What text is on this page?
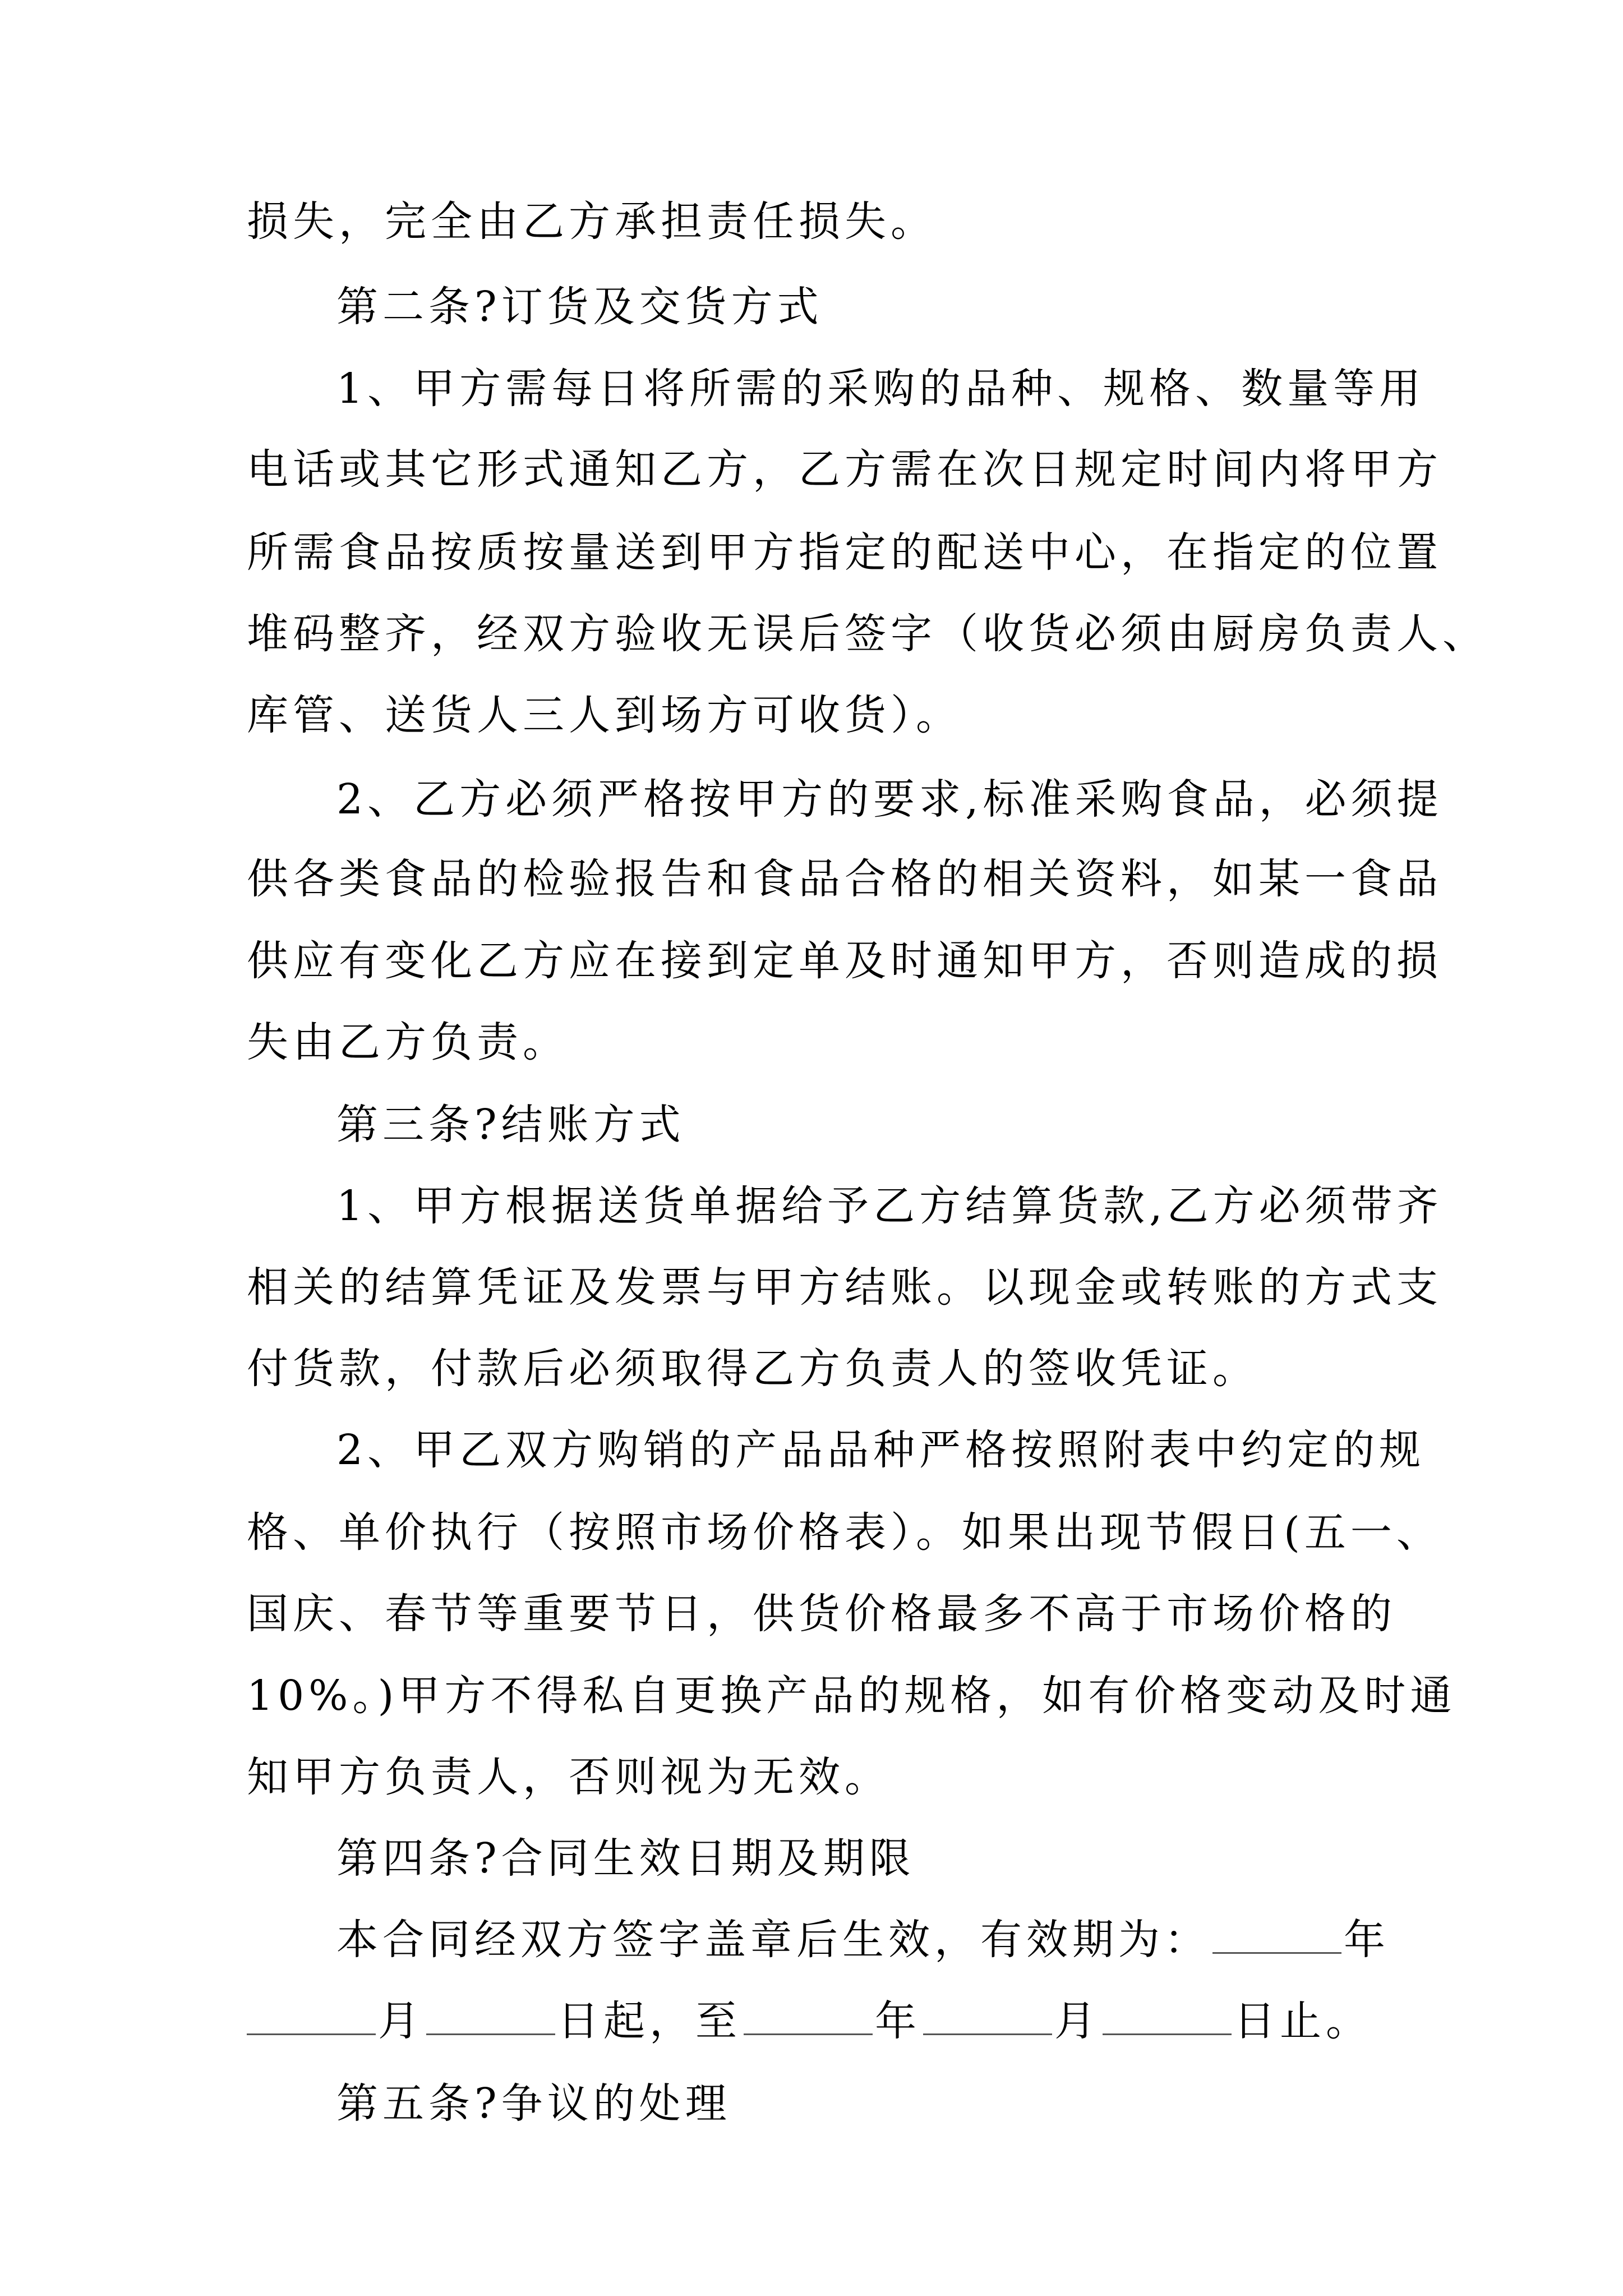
损失，完全由乙方承担责任损失。
第二条?订货及交货方式
1、甲方需每日将所需的采购的品种、规格、数量等用
电话或其它形式通知乙方，乙方需在次日规定时间内将甲方
所需食品按质按量送到甲方指定的配送中心，在指定的位置
堆码整齐，经双方验收无误后签字（收货必须由厨房负责人、
库管、送货人三人到场方可收货）。
2、乙方必须严格按甲方的要求,标准采购食品，必须提
供各类食品的检验报告和食品合格的相关资料，如某一食品
供应有变化乙方应在接到定单及时通知甲方，否则造成的损
失由乙方负责。
第三条?结账方式
1、甲方根据送货单据给予乙方结算货款,乙方必须带齐
相关的结算凭证及发票与甲方结账。以现金或转账的方式支
付货款，付款后必须取得乙方负责人的签收凭证。
2、甲乙双方购销的产品品种严格按照附表中约定的规
格、单价执行（按照市场价格表）。如果出现节假日(五一、
国庆、春节等重要节日，供货价格最多不高于市场价格的
10%。)甲方不得私自更换产品的规格，如有价格变动及时通
知甲方负责人，否则视为无效。
第四条?合同生效日期及期限
本合同经双方签字盖章后生效，有效期为：	年
月	日起，至	年	月	日止。
第五条?争议的处理
